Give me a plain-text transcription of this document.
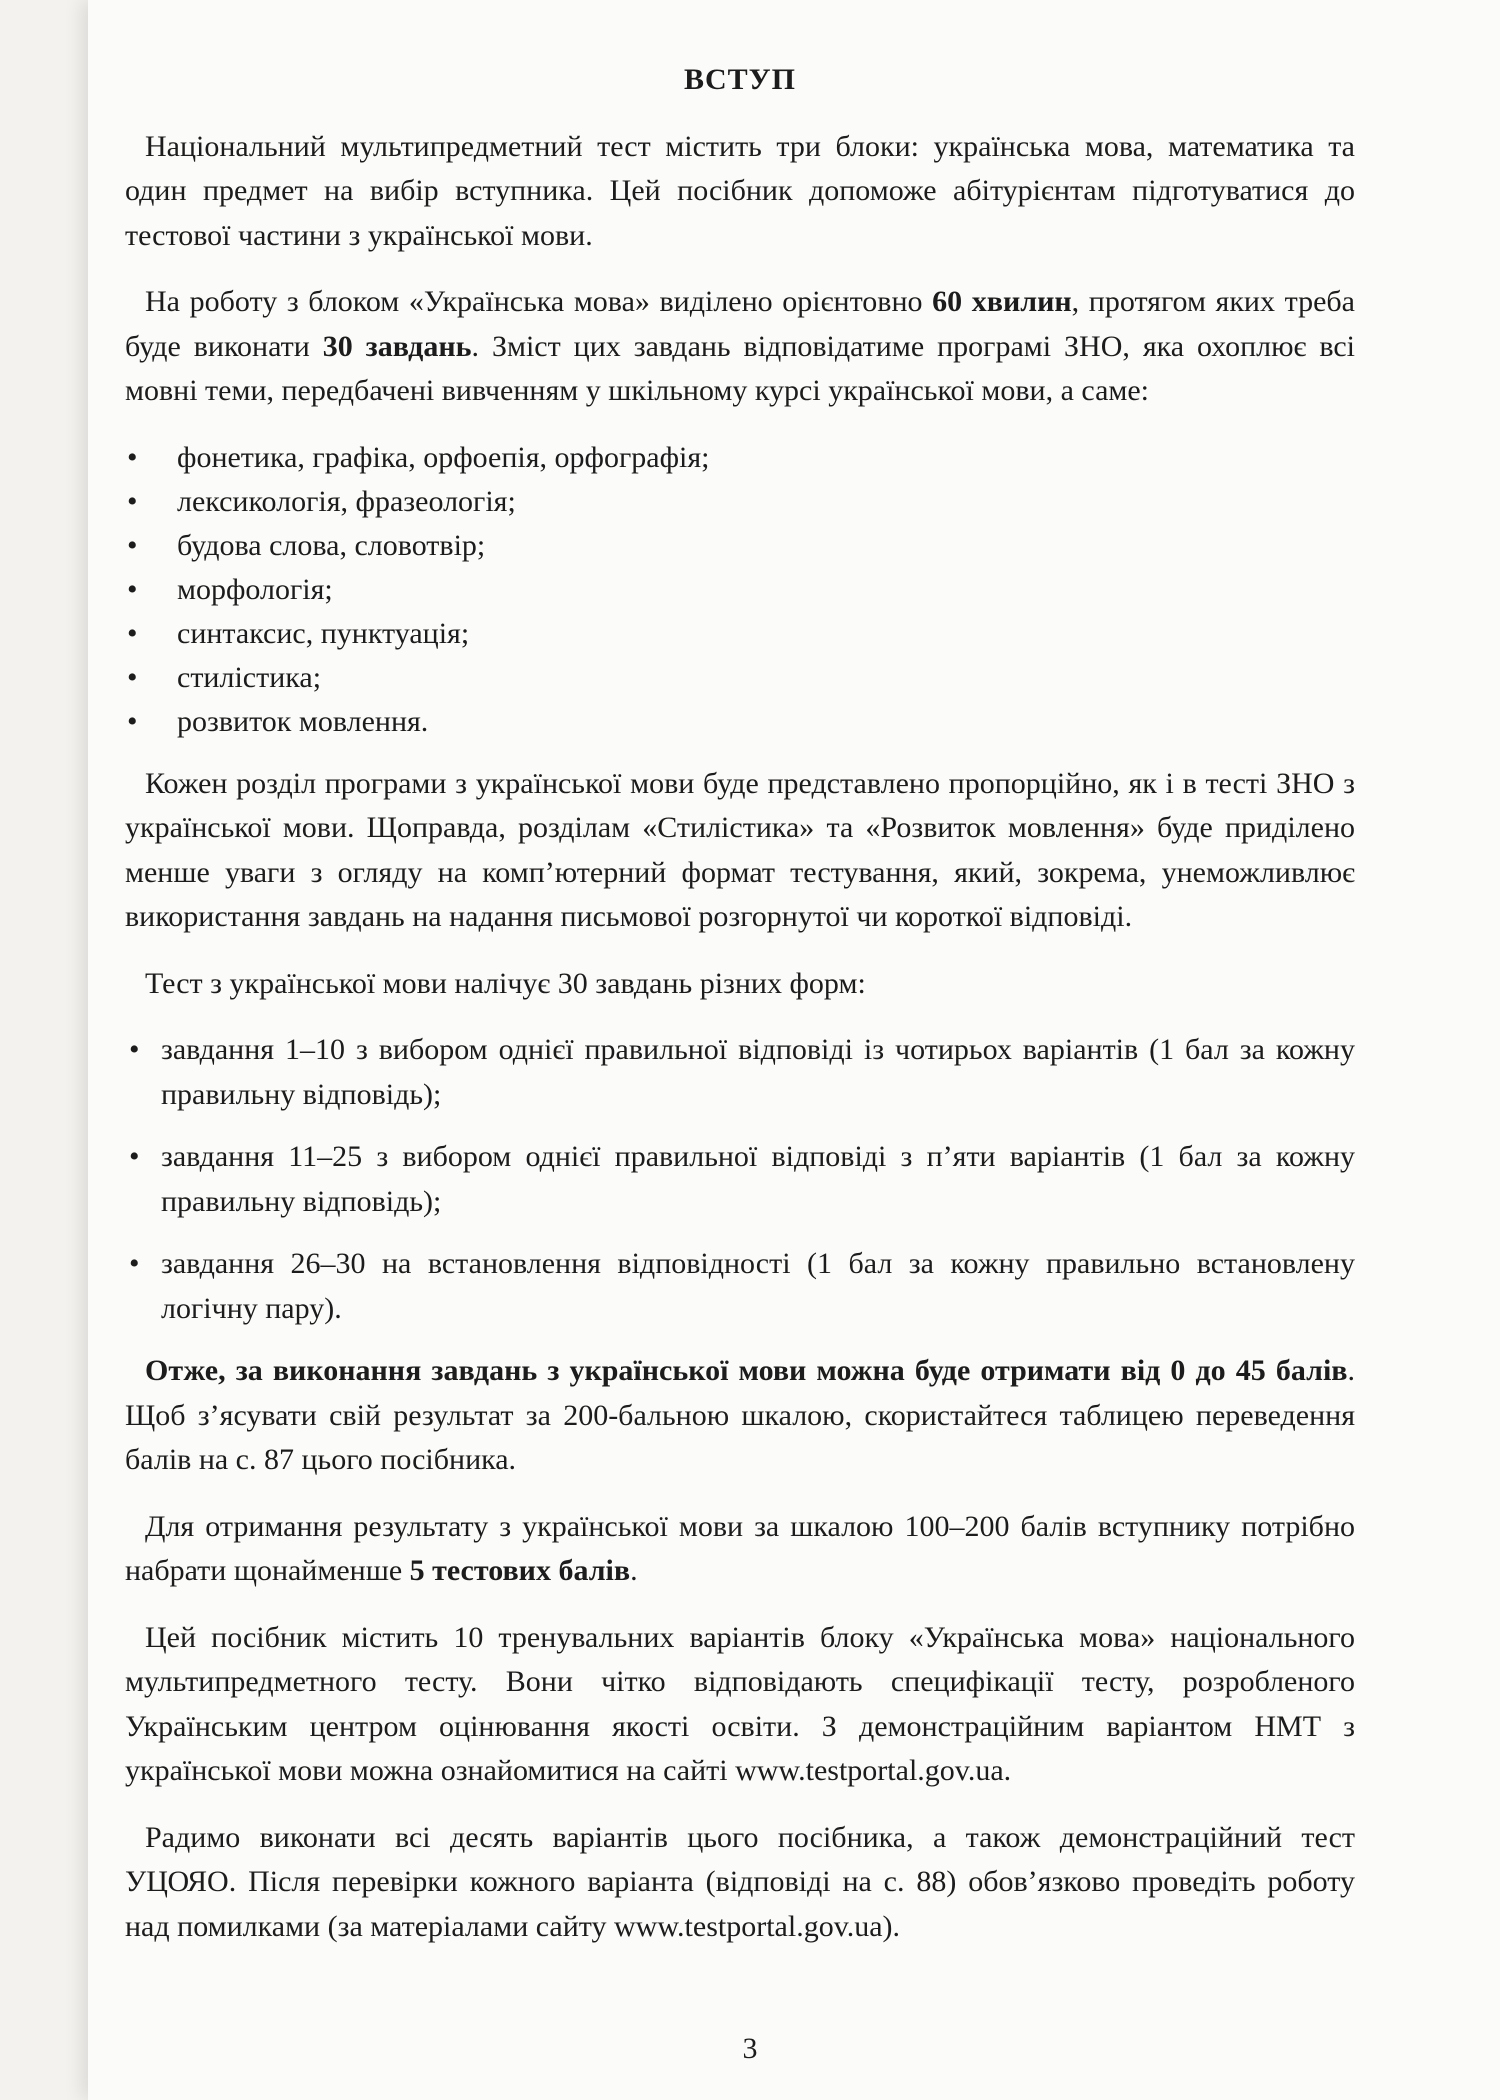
ВСТУП

Національний мультипредметний тест містить три блоки: українська мова, математика та один предмет на вибір вступника. Цей посібник допоможе абітурієнтам підготуватися до тестової частини з української мови.

На роботу з блоком «Українська мова» виділено орієнтовно 60 хвилин, протягом яких треба буде виконати 30 завдань. Зміст цих завдань відповідатиме програмі ЗНО, яка охоплює всі мовні теми, передбачені вивченням у шкільному курсі української мови, а саме:

• фонетика, графіка, орфоепія, орфографія;
• лексикологія, фразеологія;
• будова слова, словотвір;
• морфологія;
• синтаксис, пунктуація;
• стилістика;
• розвиток мовлення.

Кожен розділ програми з української мови буде представлено пропорційно, як і в тесті ЗНО з української мови. Щоправда, розділам «Стилістика» та «Розвиток мовлення» буде приділено менше уваги з огляду на комп’ютерний формат тестування, який, зокрема, унеможливлює використання завдань на надання письмової розгорнутої чи короткої відповіді.

Тест з української мови налічує 30 завдань різних форм:

• завдання 1–10 з вибором однієї правильної відповіді із чотирьох варіантів (1 бал за кожну правильну відповідь);
• завдання 11–25 з вибором однієї правильної відповіді з п’яти варіантів (1 бал за кожну правильну відповідь);
• завдання 26–30 на встановлення відповідності (1 бал за кожну правильно встановлену логічну пару).

Отже, за виконання завдань з української мови можна буде отримати від 0 до 45 балів. Щоб з’ясувати свій результат за 200-бальною шкалою, скористайтеся таблицею переведення балів на с. 87 цього посібника.

Для отримання результату з української мови за шкалою 100–200 балів вступнику потрібно набрати щонайменше 5 тестових балів.

Цей посібник містить 10 тренувальних варіантів блоку «Українська мова» національного мультипредметного тесту. Вони чітко відповідають специфікації тесту, розробленого Українським центром оцінювання якості освіти. З демонстраційним варіантом НМТ з української мови можна ознайомитися на сайті www.testportal.gov.ua.

Радимо виконати всі десять варіантів цього посібника, а також демонстраційний тест УЦОЯО. Після перевірки кожного варіанта (відповіді на с. 88) обов’язково проведіть роботу над помилками (за матеріалами сайту www.testportal.gov.ua).

3
